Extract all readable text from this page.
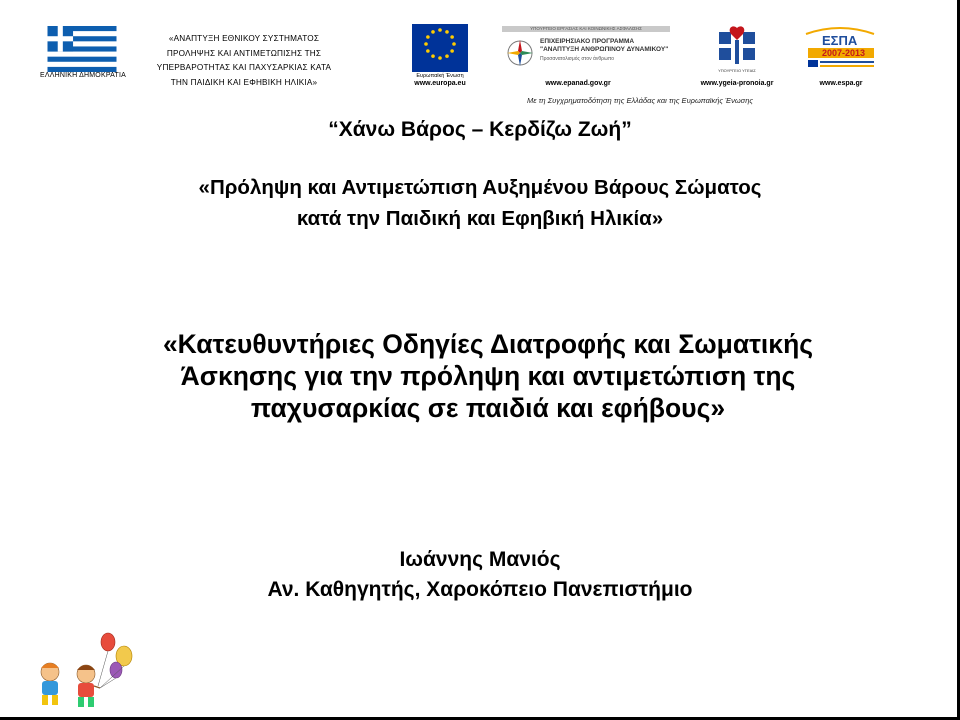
ΕΛΛΗΝΙΚΗ ΔΗΜΟΚΡΑΤΙΑ
«ΑΝΑΠΤΥΞΗ ΕΘΝΙΚΟΥ ΣΥΣΤΗΜΑΤΟΣ
ΠΡΟΛΗΨΗΣ ΚΑΙ ΑΝΤΙΜΕΤΩΠΙΣΗΣ ΤΗΣ
ΥΠΕΡΒΑΡΟΤΗΤΑΣ ΚΑΙ ΠΑΧΥΣΑΡΚΙΑΣ ΚΑΤΑ
ΤΗΝ ΠΑΙΔΙΚΗ ΚΑΙ ΕΦΗΒΙΚΗ ΗΛΙΚΙΑ»
Ευρωπαϊκή Ένωση
www.europa.eu
ΥΠΟΥΡΓΕΙΟ ΕΡΓΑΣΙΑΣ ΚΑΙ ΚΟΙΝΩΝΙΚΗΣ ΑΣΦΑΛΙΣΗΣ
ΕΠΙΧΕΙΡΗΣΙΑΚΟ ΠΡΟΓΡΑΜΜΑ
"ΑΝΑΠΤΥΞΗ ΑΝΘΡΩΠΙΝΟΥ ΔΥΝΑΜΙΚΟΥ"
Προσανατολισμός στον άνθρωπο
www.epanad.gov.gr
ΥΠΟΥΡΓΕΙΟ ΥΓΕΙΑΣ
www.ygeia-pronoia.gr
ΕΣΠΑ
2007-2013
www.espa.gr
Με τη Συγχρηματοδότηση της Ελλάδας και της Ευρωπαϊκής Ένωσης
“Χάνω Βάρος – Κερδίζω Ζωή”
«Πρόληψη και Αντιμετώπιση Αυξημένου Βάρους Σώματος
κατά την Παιδική και Εφηβική Ηλικία»
«Κατευθυντήριες Οδηγίες Διατροφής και Σωματικής
Άσκησης για την πρόληψη και αντιμετώπιση της
παχυσαρκίας σε παιδιά και εφήβους»
Ιωάννης Μανιός
Αν. Καθηγητής, Χαροκόπειο Πανεπιστήμιο
